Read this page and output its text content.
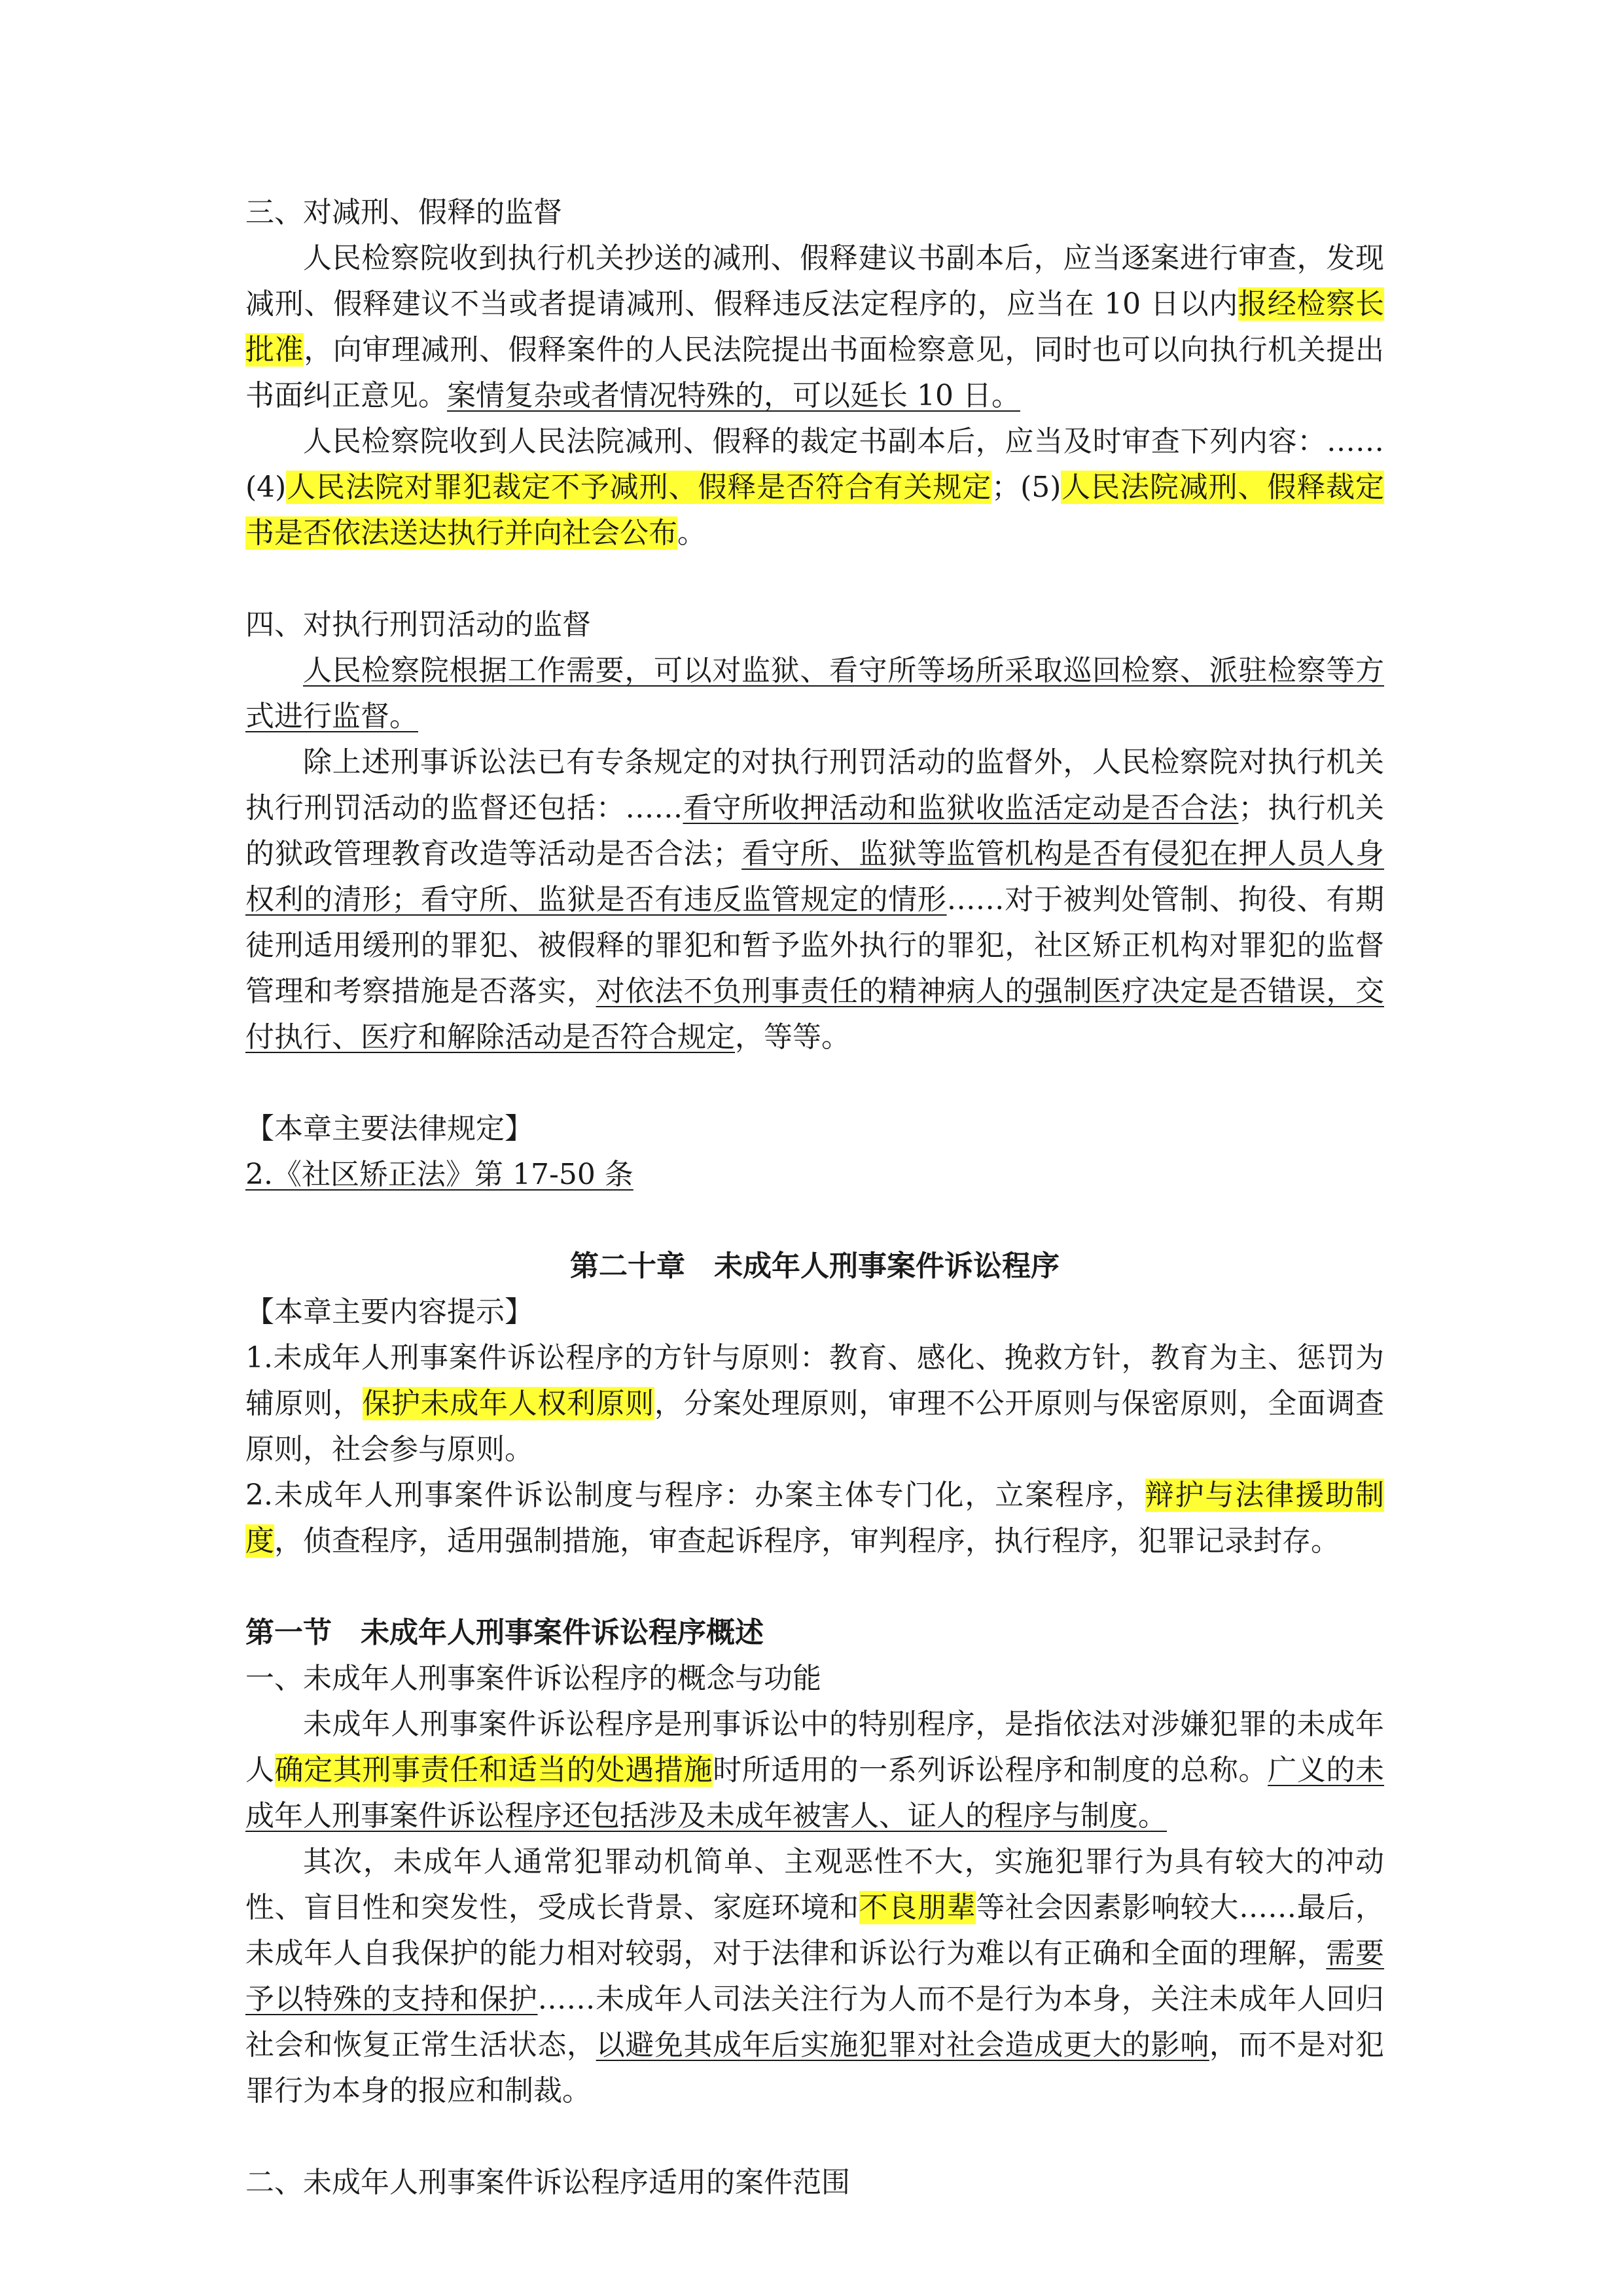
三、对减刑、假释的监督
人民检察院收到执行机关抄送的减刑、假释建议书副本后，应当逐案进行审查，发现减刑、假释建议不当或者提请减刑、假释违反法定程序的，应当在 10 日以内报经检察长批准，向审理减刑、假释案件的人民法院提出书面检察意见，同时也可以向执行机关提出书面纠正意见。案情复杂或者情况特殊的，可以延长 10 日。
人民检察院收到人民法院减刑、假释的裁定书副本后，应当及时审查下列内容：……(4)人民法院对罪犯裁定不予减刑、假释是否符合有关规定；(5)人民法院减刑、假释裁定书是否依法送达执行并向社会公布。
四、对执行刑罚活动的监督
人民检察院根据工作需要，可以对监狱、看守所等场所采取巡回检察、派驻检察等方式进行监督。
除上述刑事诉讼法已有专条规定的对执行刑罚活动的监督外，人民检察院对执行机关执行刑罚活动的监督还包括：……看守所收押活动和监狱收监活定动是否合法；执行机关的狱政管理教育改造等活动是否合法；看守所、监狱等监管机构是否有侵犯在押人员人身权利的清形；看守所、监狱是否有违反监管规定的情形……对于被判处管制、拘役、有期徒刑适用缓刑的罪犯、被假释的罪犯和暂予监外执行的罪犯，社区矫正机构对罪犯的监督管理和考察措施是否落实，对依法不负刑事责任的精神病人的强制医疗决定是否错误，交付执行、医疗和解除活动是否符合规定，等等。
【本章主要法律规定】
2.《社区矫正法》第 17-50 条
第二十章　未成年人刑事案件诉讼程序
【本章主要内容提示】
1.未成年人刑事案件诉讼程序的方针与原则：教育、感化、挽救方针，教育为主、惩罚为辅原则，保护未成年人权利原则，分案处理原则，审理不公开原则与保密原则，全面调查原则，社会参与原则。
2.未成年人刑事案件诉讼制度与程序：办案主体专门化，立案程序，辩护与法律援助制度，侦查程序，适用强制措施，审查起诉程序，审判程序，执行程序，犯罪记录封存。
第一节　未成年人刑事案件诉讼程序概述
一、未成年人刑事案件诉讼程序的概念与功能
未成年人刑事案件诉讼程序是刑事诉讼中的特别程序，是指依法对涉嫌犯罪的未成年人确定其刑事责任和适当的处遇措施时所适用的一系列诉讼程序和制度的总称。广义的未成年人刑事案件诉讼程序还包括涉及未成年被害人、证人的程序与制度。
其次，未成年人通常犯罪动机简单、主观恶性不大，实施犯罪行为具有较大的冲动性、盲目性和突发性，受成长背景、家庭环境和不良朋辈等社会因素影响较大……最后，未成年人自我保护的能力相对较弱，对于法律和诉讼行为难以有正确和全面的理解，需要予以特殊的支持和保护……未成年人司法关注行为人而不是行为本身，关注未成年人回归社会和恢复正常生活状态，以避免其成年后实施犯罪对社会造成更大的影响，而不是对犯罪行为本身的报应和制裁。
二、未成年人刑事案件诉讼程序适用的案件范围
